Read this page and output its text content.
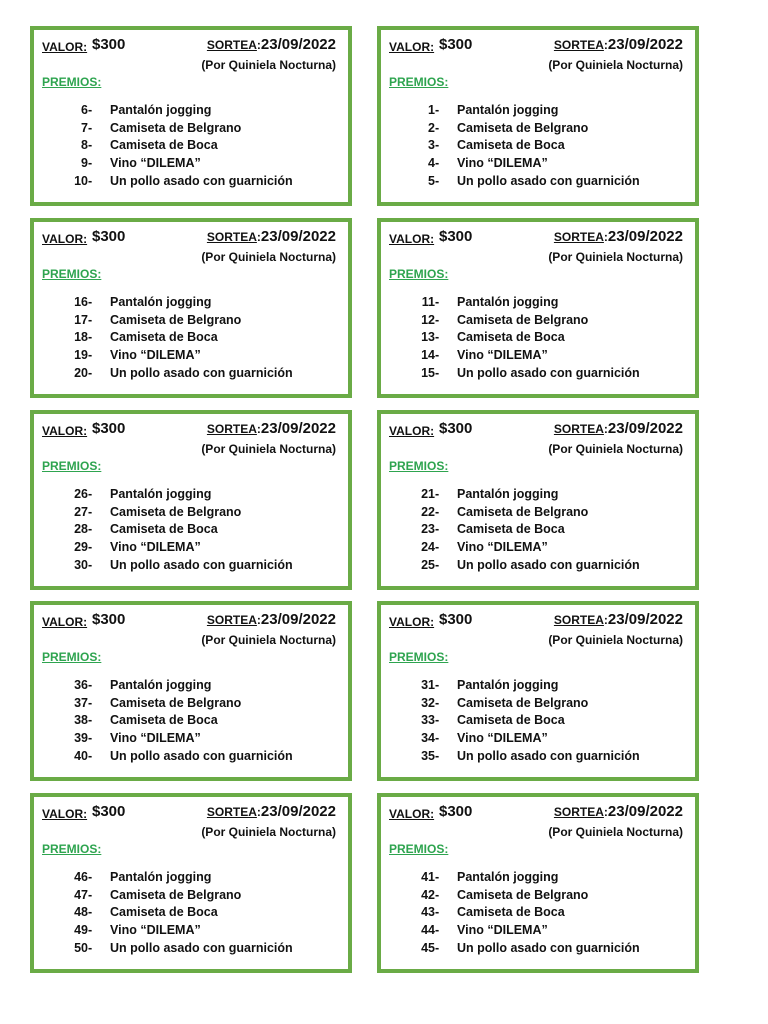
VALOR: $300	SORTEA:23/09/2022
(Por Quiniela Nocturna)
PREMIOS:
6- Pantalón jogging
7- Camiseta de Belgrano
8- Camiseta de Boca
9- Vino “DILEMA”
10- Un pollo asado con guarnición
VALOR: $300	SORTEA:23/09/2022
(Por Quiniela Nocturna)
PREMIOS:
1- Pantalón jogging
2- Camiseta de Belgrano
3- Camiseta de Boca
4- Vino “DILEMA”
5- Un pollo asado con guarnición
VALOR: $300	SORTEA:23/09/2022
(Por Quiniela Nocturna)
PREMIOS:
16- Pantalón jogging
17- Camiseta de Belgrano
18- Camiseta de Boca
19- Vino “DILEMA”
20- Un pollo asado con guarnición
VALOR: $300	SORTEA:23/09/2022
(Por Quiniela Nocturna)
PREMIOS:
11- Pantalón jogging
12- Camiseta de Belgrano
13- Camiseta de Boca
14- Vino “DILEMA”
15- Un pollo asado con guarnición
VALOR: $300	SORTEA:23/09/2022
(Por Quiniela Nocturna)
PREMIOS:
26- Pantalón jogging
27- Camiseta de Belgrano
28- Camiseta de Boca
29- Vino “DILEMA”
30- Un pollo asado con guarnición
VALOR: $300	SORTEA:23/09/2022
(Por Quiniela Nocturna)
PREMIOS:
21- Pantalón jogging
22- Camiseta de Belgrano
23- Camiseta de Boca
24- Vino “DILEMA”
25- Un pollo asado con guarnición
VALOR: $300	SORTEA:23/09/2022
(Por Quiniela Nocturna)
PREMIOS:
36- Pantalón jogging
37- Camiseta de Belgrano
38- Camiseta de Boca
39- Vino “DILEMA”
40- Un pollo asado con guarnición
VALOR: $300	SORTEA:23/09/2022
(Por Quiniela Nocturna)
PREMIOS:
31- Pantalón jogging
32- Camiseta de Belgrano
33- Camiseta de Boca
34- Vino “DILEMA”
35- Un pollo asado con guarnición
VALOR: $300	SORTEA:23/09/2022
(Por Quiniela Nocturna)
PREMIOS:
46- Pantalón jogging
47- Camiseta de Belgrano
48- Camiseta de Boca
49- Vino “DILEMA”
50- Un pollo asado con guarnición
VALOR: $300	SORTEA:23/09/2022
(Por Quiniela Nocturna)
PREMIOS:
41- Pantalón jogging
42- Camiseta de Belgrano
43- Camiseta de Boca
44- Vino “DILEMA”
45- Un pollo asado con guarnición
